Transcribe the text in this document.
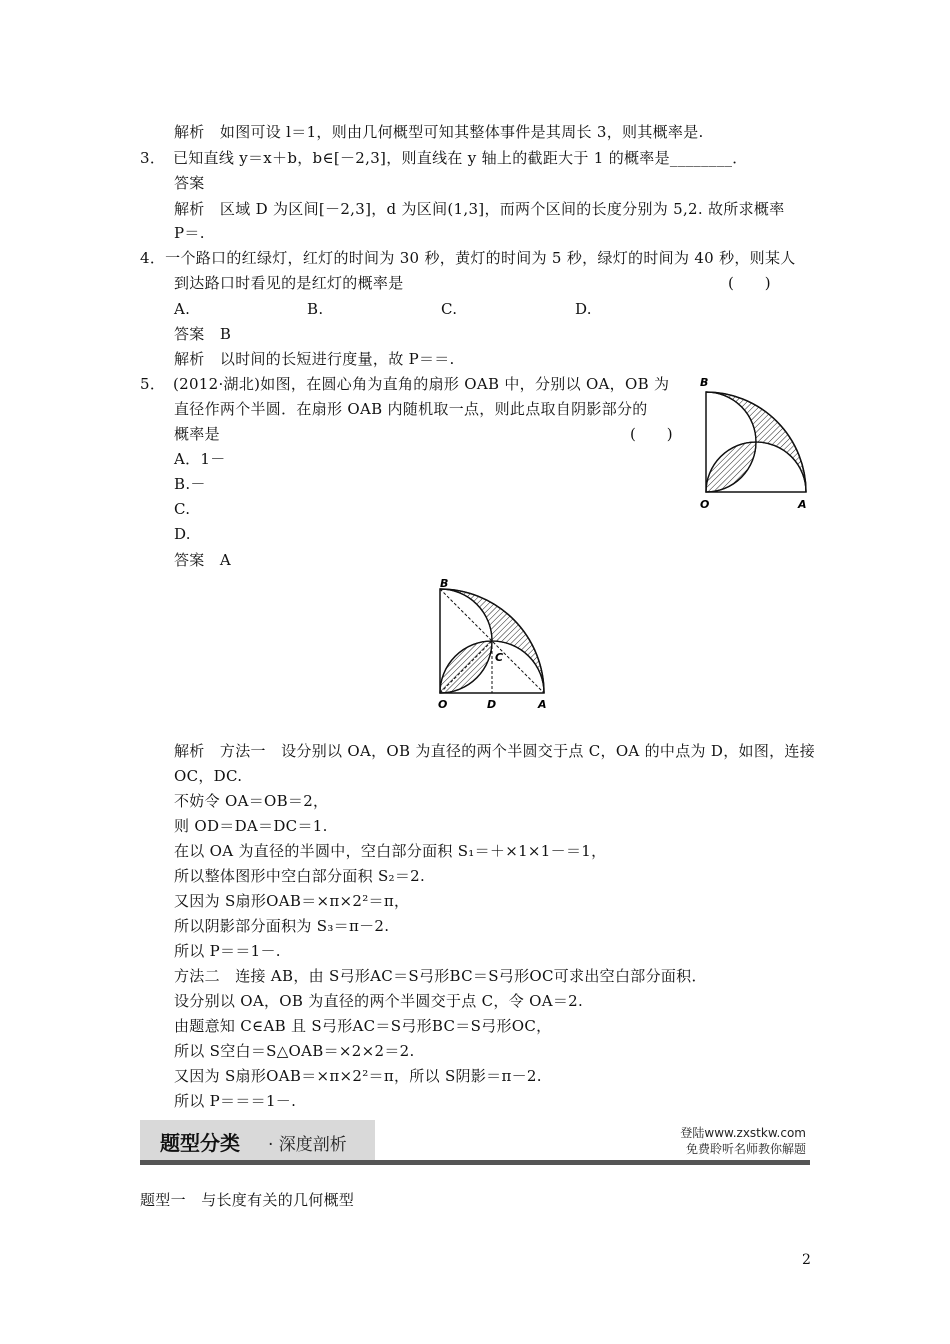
解析　如图可设 l＝1，则由几何概型可知其整体事件是其周长 3，则其概率是.
3．　已知直线 y＝x＋b，b∈[－2,3]，则直线在 y 轴上的截距大于 1 的概率是________．
答案
解析　区域 D 为区间[－2,3]，d 为区间(1,3]，而两个区间的长度分别为 5,2. 故所求概率
P＝.
4．一个路口的红绿灯，红灯的时间为 30 秒，黄灯的时间为 5 秒，绿灯的时间为 40 秒，则某人
到达路口时看见的是红灯的概率是	(　　)
A.	B.	C.	D.
答案　B
解析　以时间的长短进行度量，故 P＝＝.
5．　(2012·湖北)如图，在圆心角为直角的扇形 OAB 中，分别以 OA，OB 为
直径作两个半圆．在扇形 OAB 内随机取一点，则此点取自阴影部分的
概率是	(　　)
A．1－
B.－
C.
D.
答案　A
B
O	A
B
C
O	D	A
解析　方法一　设分别以 OA，OB 为直径的两个半圆交于点 C，OA 的中点为 D，如图，连接
OC，DC.
不妨令 OA＝OB＝2，
则 OD＝DA＝DC＝1.
在以 OA 为直径的半圆中，空白部分面积 S₁＝＋×1×1－＝1，
所以整体图形中空白部分面积 S₂＝2.
又因为 S扇形OAB＝×π×2²＝π，
所以阴影部分面积为 S₃＝π－2.
所以 P＝＝1－.
方法二　连接 AB，由 S弓形AC＝S弓形BC＝S弓形OC可求出空白部分面积．
设分别以 OA，OB 为直径的两个半圆交于点 C，令 OA＝2.
由题意知 C∈AB 且 S弓形AC＝S弓形BC＝S弓形OC，
所以 S空白＝S△OAB＝×2×2＝2.
又因为 S扇形OAB＝×π×2²＝π，所以 S阴影＝π－2.
所以 P＝＝＝1－.
题型分类 · 深度剖析
登陆www.zxstkw.com
免费聆听名师教你解题
题型一　与长度有关的几何概型
2
